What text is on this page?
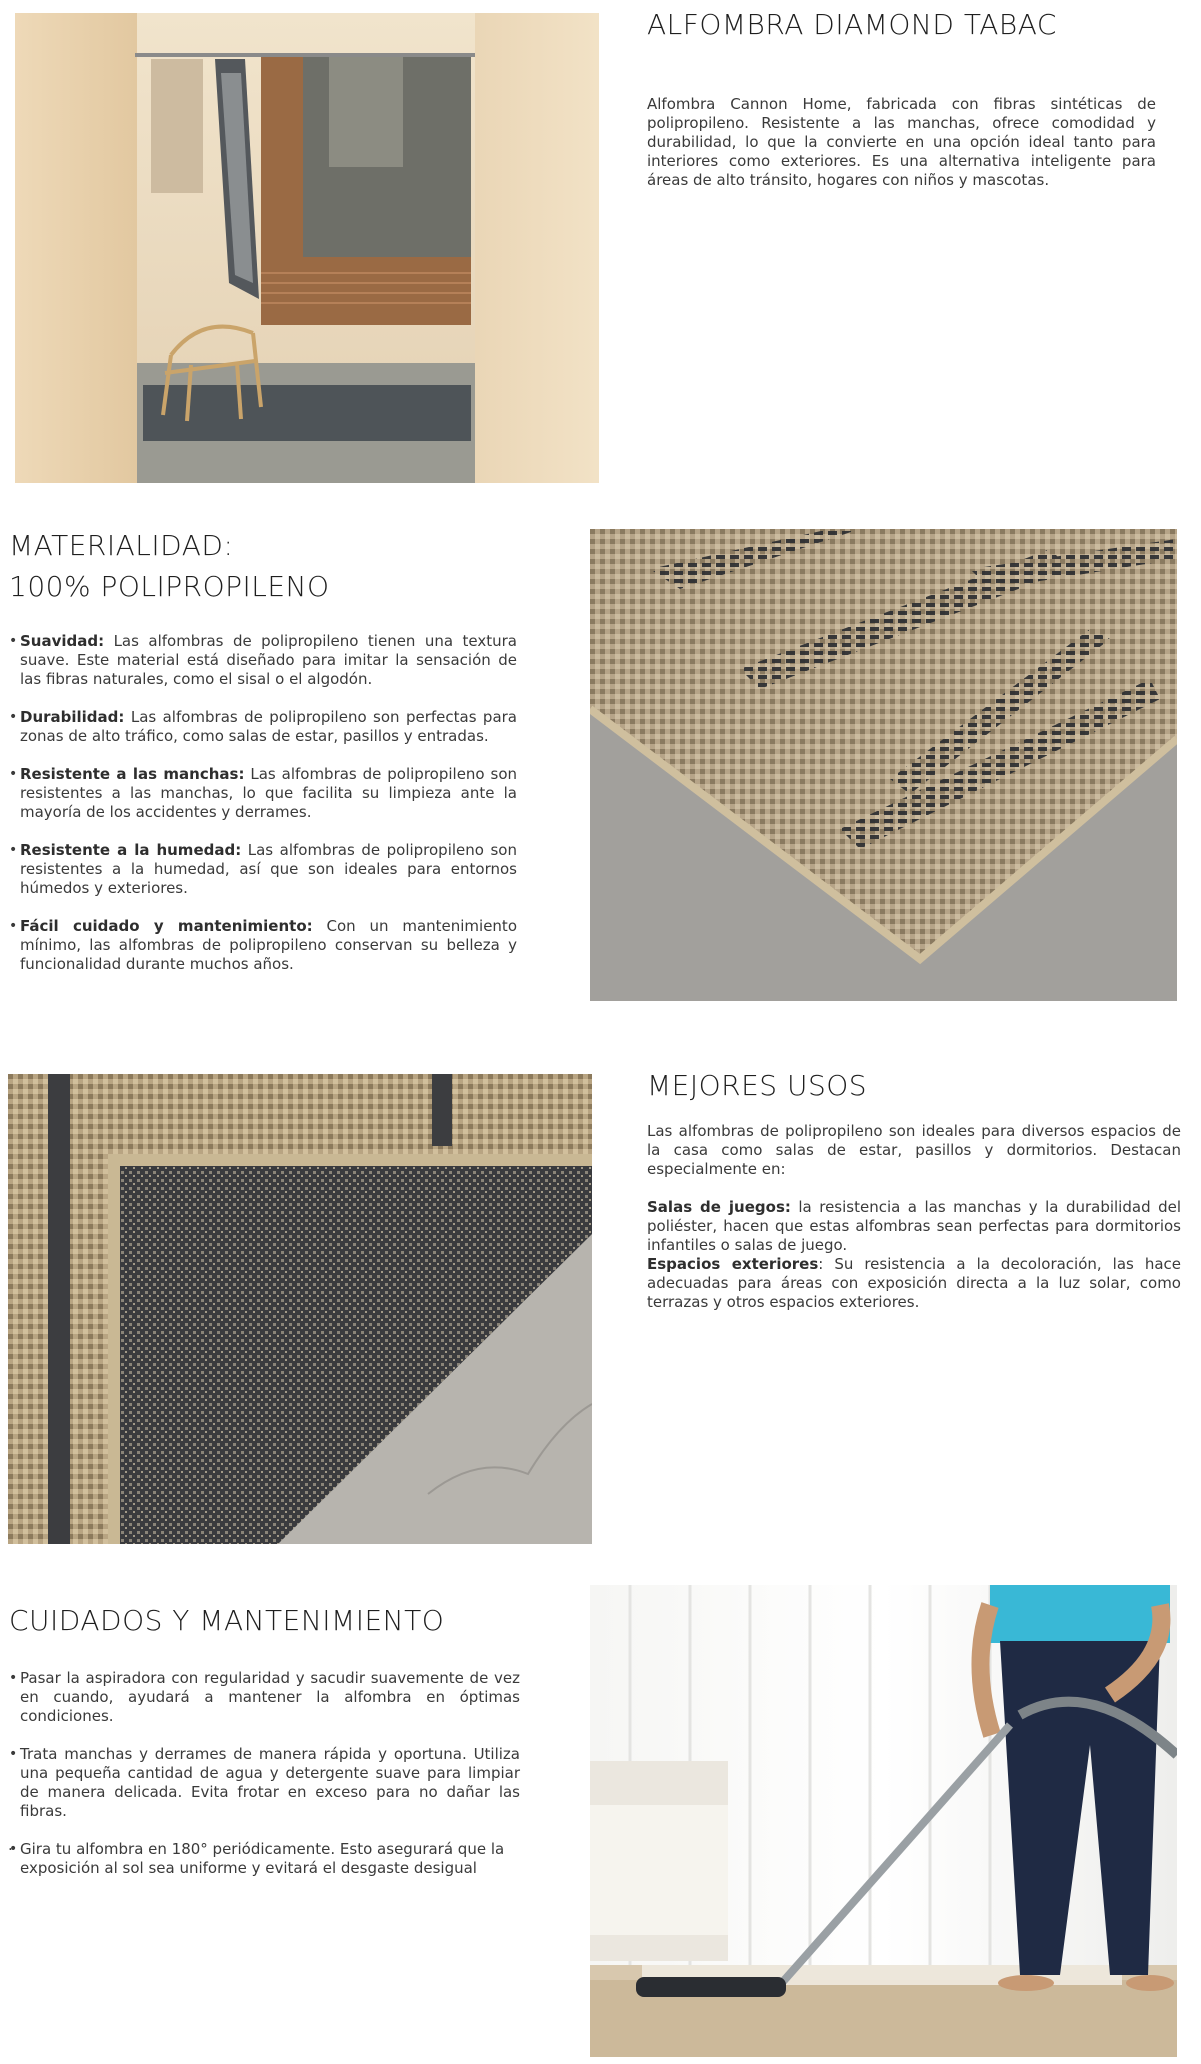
ALFOMBRA DIAMOND TABAC
Alfombra Cannon Home, fabricada con fibras sintéticas de polipropileno. Resistente a las manchas, ofrece comodidad y durabilidad, lo que la convierte en una opción ideal tanto para interiores como exteriores. Es una alternativa inteligente para áreas de alto tránsito, hogares con niños y mascotas.
MATERIALIDAD:
100% POLIPROPILENO
• Suavidad: Las alfombras de polipropileno tienen una textura suave. Este material está diseñado para imitar la sensación de las fibras naturales, como el sisal o el algodón.
• Durabilidad: Las alfombras de polipropileno son perfectas para zonas de alto tráfico, como salas de estar, pasillos y entradas.
• Resistente a las manchas: Las alfombras de polipropileno son resistentes a las manchas, lo que facilita su limpieza ante la mayoría de los accidentes y derrames.
• Resistente a la humedad: Las alfombras de polipropileno son resistentes a la humedad, así que son ideales para entornos húmedos y exteriores.
• Fácil cuidado y mantenimiento: Con un mantenimiento mínimo, las alfombras de polipropileno conservan su belleza y funcionalidad durante muchos años.
MEJORES USOS
Las alfombras de polipropileno son ideales para diversos espacios de la casa como salas de estar, pasillos y dormitorios. Destacan especialmente en:
Salas de juegos: la resistencia a las manchas y la durabilidad del poliéster, hacen que estas alfombras sean perfectas para dormitorios infantiles o salas de juego.
Espacios exteriores: Su resistencia a la decoloración, las hace adecuadas para áreas con exposición directa a la luz solar, como terrazas y otros espacios exteriores.
CUIDADOS Y MANTENIMIENTO
• Pasar la aspiradora con regularidad y sacudir suavemente de vez en cuando, ayudará a mantener la alfombra en óptimas condiciones.
• Trata manchas y derrames de manera rápida y oportuna. Utiliza una pequeña cantidad de agua y detergente suave para limpiar de manera delicada. Evita frotar en exceso para no dañar las fibras.
• Gira tu alfombra en 180° periódicamente. Esto asegurará que la exposición al sol sea uniforme y evitará el desgaste desigual
.
